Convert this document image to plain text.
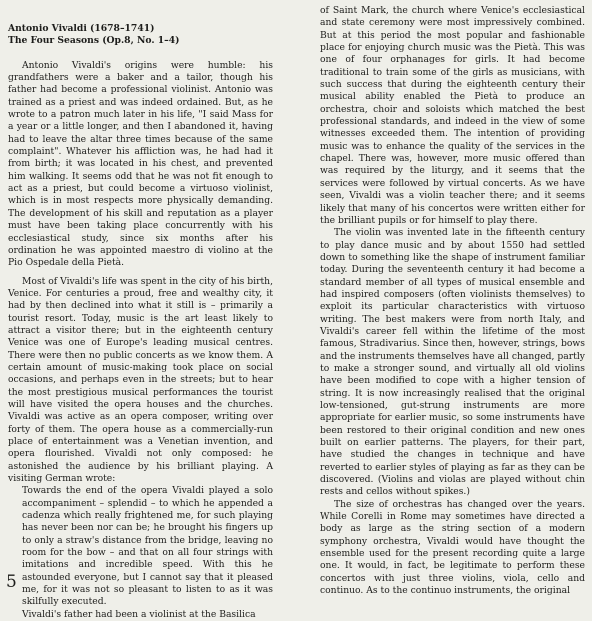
Antonio Vivaldi (1678–1741)

The Four Seasons (Op.8, No. 1–4)

Antonio Vivaldi's origins were humble: his grandfathers were a baker and a tailor, though his father had become a professional violinist. Antonio was trained as a priest and was indeed ordained. But, as he wrote to a patron much later in his life, "I said Mass for a year or a little longer, and then I abandoned it, having had to leave the altar three times because of the same complaint". Whatever his affliction was, he had had it from birth; it was located in his chest, and prevented him walking. It seems odd that he was not fit enough to act as a priest, but could become a virtuoso violinist, which is in most respects more physically demanding. The development of his skill and reputation as a player must have been taking place concurrently with his ecclesiastical study, since six months after his ordination he was appointed maestro di violino at the Pio Ospedale della Pietà.

Most of Vivaldi's life was spent in the city of his birth, Venice. For centuries a proud, free and wealthy city, it had by then declined into what it still is – primarily a tourist resort. Today, music is the art least likely to attract a visitor there; but in the eighteenth century Venice was one of Europe's leading musical centres. There were then no public concerts as we know them. A certain amount of music-making took place on social occasions, and perhaps even in the streets; but to hear the most prestigious musical performances the tourist will have visited the opera houses and the churches. Vivaldi was active as an opera composer, writing over forty of them. The opera house as a commercially-run place of entertainment was a Venetian invention, and opera flourished. Vivaldi not only composed: he astonished the audience by his brilliant playing. A visiting German wrote:

Towards the end of the opera Vivaldi played a solo accompaniment – splendid – to which he appended a cadenza which really frightened me, for such playing has never been nor can be; he brought his fingers up to only a straw's distance from the bridge, leaving no room for the bow – and that on all four strings with imitations and incredible speed. With this he astounded everyone, but I cannot say that it pleased me, for it was not so pleasant to listen to as it was skilfully executed.

Vivaldi's father had been a violinist at the Basilica

of Saint Mark, the church where Venice's ecclesiastical and state ceremony were most impressively combined. But at this period the most popular and fashionable place for enjoying church music was the Pietà. This was one of four orphanages for girls. It had become traditional to train some of the girls as musicians, with such success that during the eighteenth century their musical ability enabled the Pietà to produce an orchestra, choir and soloists which matched the best professional standards, and indeed in the view of some witnesses exceeded them. The intention of providing music was to enhance the quality of the services in the chapel. There was, however, more music offered than was required by the liturgy, and it seems that the services were followed by virtual concerts. As we have seen, Vivaldi was a violin teacher there; and it seems likely that many of his concertos were written either for the brilliant pupils or for himself to play there.

The violin was invented late in the fifteenth century to play dance music and by about 1550 had settled down to something like the shape of instrument familiar today. During the seventeenth century it had become a standard member of all types of musical ensemble and had inspired composers (often violinists themselves) to exploit its particular characteristics with virtuoso writing. The best makers were from north Italy, and Vivaldi's career fell within the lifetime of the most famous, Stradivarius. Since then, however, strings, bows and the instruments themselves have all changed, partly to make a stronger sound, and virtually all old violins have been modified to cope with a higher tension of string. It is now increasingly realised that the original low-tensioned, gut-strung instruments are more appropriate for earlier music, so some instruments have been restored to their original condition and new ones built on earlier patterns. The players, for their part, have studied the changes in technique and have reverted to earlier styles of playing as far as they can be discovered. (Violins and violas are played without chin rests and cellos without spikes.)

The size of orchestras has changed over the years. While Corelli in Rome may sometimes have directed a body as large as the string section of a modern symphony orchestra, Vivaldi would have thought the ensemble used for the present recording quite a large one. It would, in fact, be legitimate to perform these concertos with just three violins, viola, cello and continuo. As to the continuo instruments, the original

5
